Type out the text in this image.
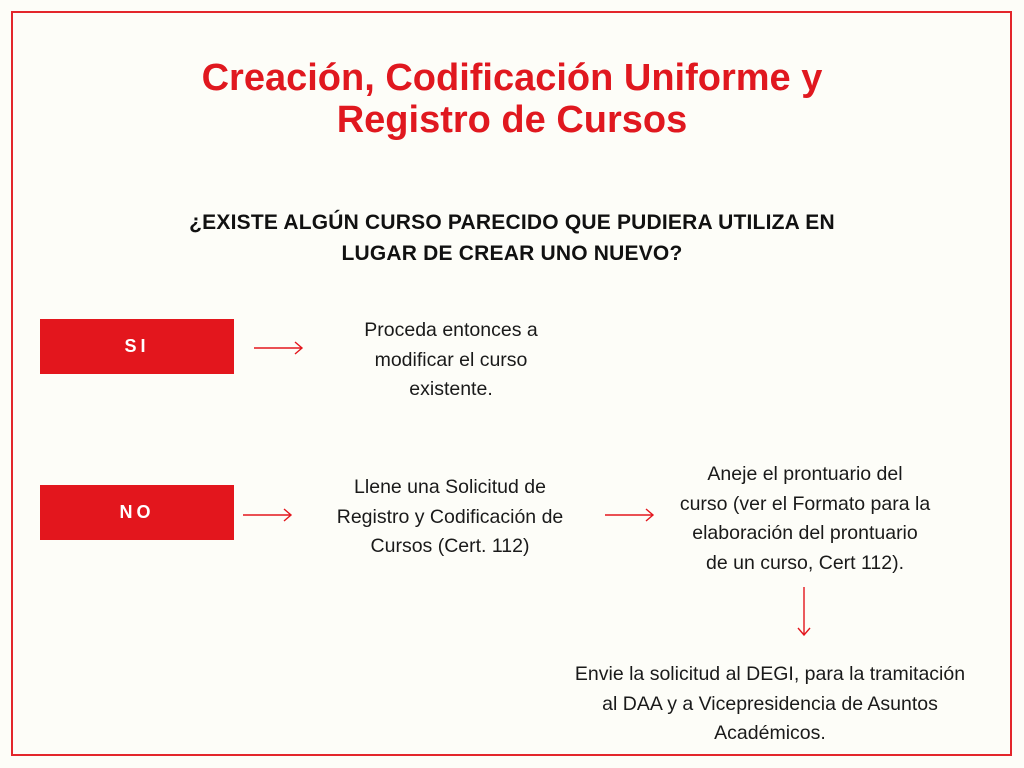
Creación, Codificación Uniforme y
Registro de Cursos
¿EXISTE ALGÚN CURSO PARECIDO QUE PUDIERA UTILIZA EN
LUGAR DE CREAR UNO NUEVO?
SI
Proceda entonces a
modificar el curso
existente.
NO
Llene una Solicitud de
Registro y Codificación de
Cursos (Cert. 112)
Aneje el prontuario del
curso (ver el Formato para la
elaboración del prontuario
de un curso, Cert 112).
Envie la solicitud al DEGI, para la tramitación
al DAA y a Vicepresidencia de Asuntos
Académicos.
